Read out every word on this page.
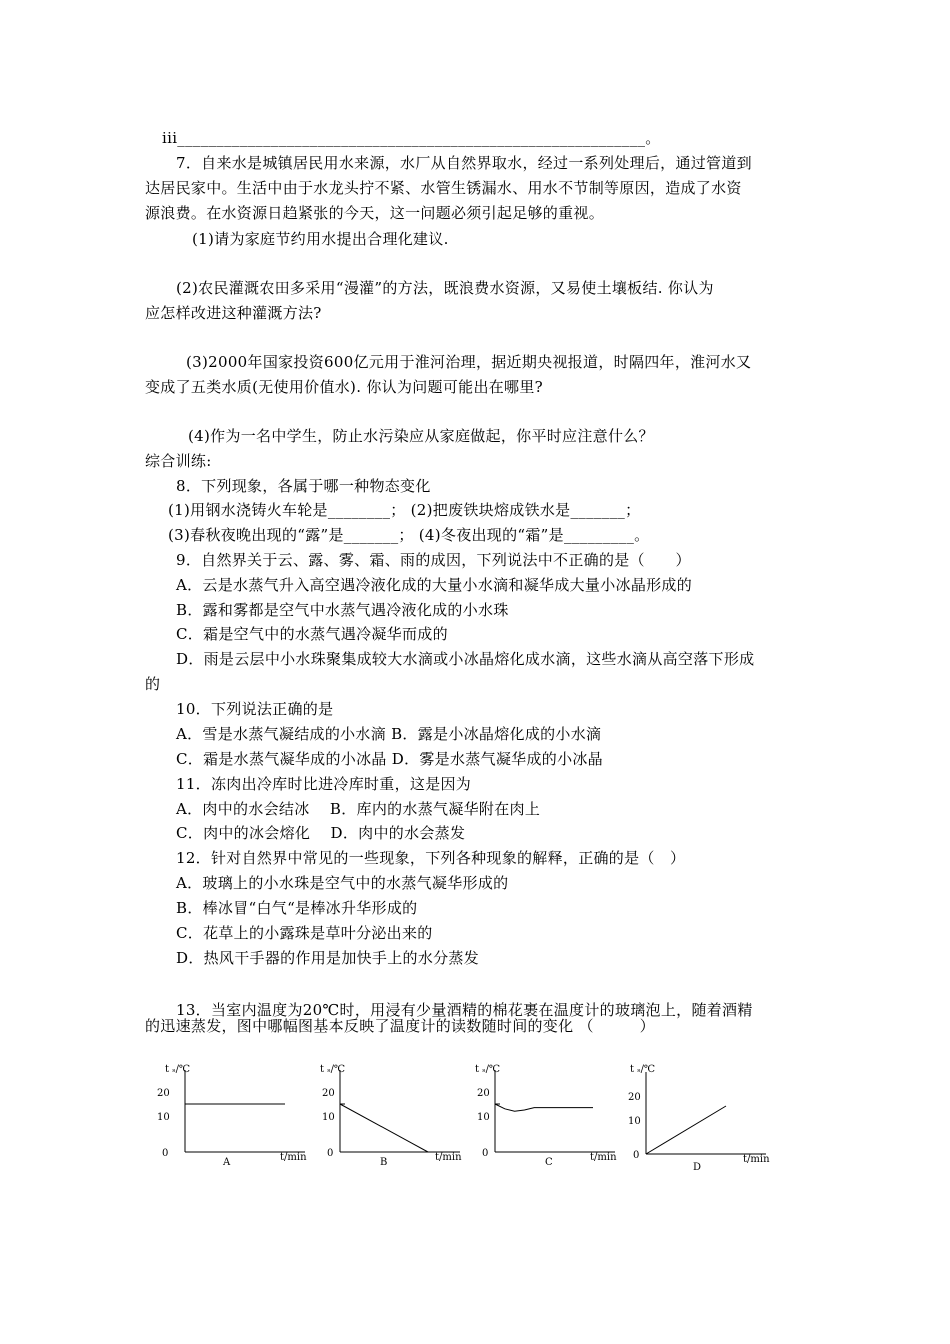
iii____________________________________________________________。
7．自来水是城镇居民用水来源，水厂从自然界取水，经过一系列处理后，通过管道到
达居民家中。生活中由于水龙头拧不紧、水管生锈漏水、用水不节制等原因，造成了水资
源浪费。在水资源日趋紧张的今天，这一问题必须引起足够的重视。
(1)请为家庭节约用水提出合理化建议.
(2)农民灌溉农田多采用“漫灌”的方法，既浪费水资源，又易使土壤板结. 你认为
应怎样改进这种灌溉方法?
(3)2000年国家投资600亿元用于淮河治理，据近期央视报道，时隔四年，淮河水又
变成了五类水质(无使用价值水). 你认为问题可能出在哪里?
(4)作为一名中学生，防止水污染应从家庭做起，你平时应注意什么？
综合训练:
8．下列现象，各属于哪一种物态变化
(1)用钢水浇铸火车轮是________； (2)把废铁块熔成铁水是_______；
(3)春秋夜晚出现的“露”是_______； (4)冬夜出现的“霜”是_________。
9．自然界关于云、露、雾、霜、雨的成因，下列说法中不正确的是（　　）
A．云是水蒸气升入高空遇冷液化成的大量小水滴和凝华成大量小冰晶形成的
B．露和雾都是空气中水蒸气遇冷液化成的小水珠
C．霜是空气中的水蒸气遇冷凝华而成的
D．雨是云层中小水珠聚集成较大水滴或小冰晶熔化成水滴，这些水滴从高空落下形成
的
10．下列说法正确的是
A．雪是水蒸气凝结成的小水滴 B．露是小冰晶熔化成的小水滴
C．霜是水蒸气凝华成的小冰晶 D．雾是水蒸气凝华成的小冰晶
11．冻肉出冷库时比进冷库时重，这是因为
A．肉中的水会结冰　 B．库内的水蒸气凝华附在肉上
C．肉中的冰会熔化　 D．肉中的水会蒸发
12．针对自然界中常见的一些现象，下列各种现象的解释，正确的是（　）
A．玻璃上的小水珠是空气中的水蒸气凝华形成的
B．棒冰冒“白气“是棒冰升华形成的
C．花草上的小露珠是草叶分泌出来的
D．热风干手器的作用是加快手上的水分蒸发
13．当室内温度为20℃时，用浸有少量酒精的棉花裹在温度计的玻璃泡上，随着酒精
的迅速蒸发，图中哪幅图基本反映了温度计的读数随时间的变化 （　　　）
t ₛ/℃
20
10
0	t/min
A
t ₛ/℃
20
10
0	t/min
B
t ₛ/℃
20
10
0	t/min
C
t ₛ/℃
20
10
0	t/min
D
